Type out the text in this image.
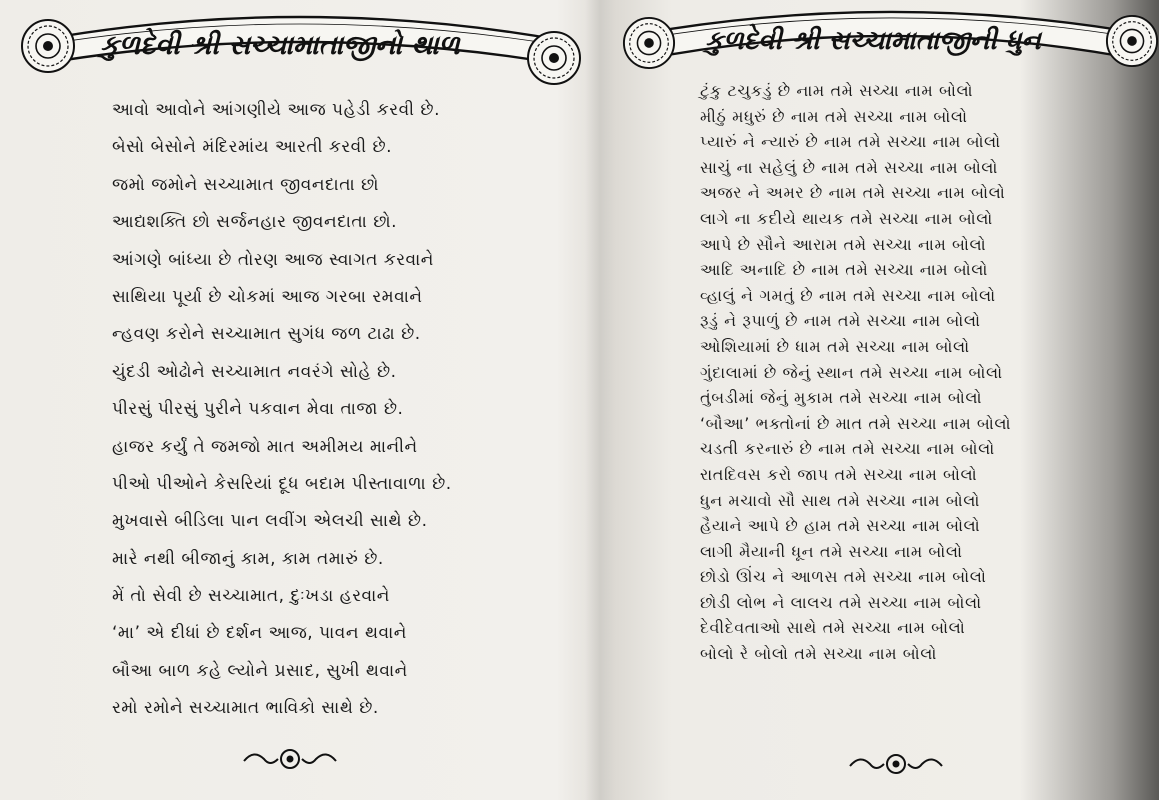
કુળદેવી શ્રી સચ્ચામાતાજીનો થાળ
આવો આવોને આંગણીયે આજ પહેડી કરવી છે.
બેસો બેસોને મંદિરમાંય આરતી કરવી છે.
જમો જમોને સચ્ચામાત જીવનદાતા છો
આદ્યશક્તિ છો સર્જનહાર જીવનદાતા છો.
આંગણે બાંધ્યા છે તોરણ આજ સ્વાગત કરવાને
સાથિયા પૂર્યા છે ચોકમાં આજ ગરબા રમવાને
ન્હવણ કરોને સચ્ચામાત સુગંધ જળ ટાઢા છે.
ચુંદડી ઓઢોને સચ્ચામાત નવરંગે સોહે છે.
પીરસું પીરસું પુરીને પકવાન મેવા તાજા છે.
હાજર કર્યું તે જમજો માત અમીમય માનીને
પીઓ પીઓને કેસરિયાં દૂધ બદામ પીસ્તાવાળા છે.
મુખવાસે બીડિલા પાન લવીંગ એલચી સાથે છે.
મારે નથી બીજાનું કામ, કામ તમારું છે.
મેં તો સેવી છે સચ્ચામાત, દુઃખડા હરવાને
‘મા’ એ દીધાં છે દર્શન આજ, પાવન થવાને
બૌઆ બાળ કહે લ્યોને પ્રસાદ, સુખી થવાને
રમો રમોને સચ્ચામાત ભાવિકો સાથે છે.
કુળદેવી શ્રી સચ્ચામાતાજીની ધુન
ટુંકુ ટચુકડું છે નામ તમે સચ્ચા નામ બોલો
મીઠું મધુરું છે નામ તમે સચ્ચા નામ બોલો
પ્યારું ને ન્યારું છે નામ તમે સચ્ચા નામ બોલો
સાચું ના સહેલું છે નામ તમે સચ્ચા નામ બોલો
અજર ને અમર છે નામ તમે સચ્ચા નામ બોલો
લાગે ના કદીયે થાયક તમે સચ્ચા નામ બોલો
આપે છે સૌને આરામ તમે સચ્ચા નામ બોલો
આદિ અનાદિ છે નામ તમે સચ્ચા નામ બોલો
વ્હાલું ને ગમતું છે નામ તમે સચ્ચા નામ બોલો
રૂડું ને રૂપાળું છે નામ તમે સચ્ચા નામ બોલો
ઓશિયામાં છે ધામ તમે સચ્ચા નામ બોલો
ગુંદાલામાં છે જેનું સ્થાન તમે સચ્ચા નામ બોલો
તુંબડીમાં જેનું મુકામ તમે સચ્ચા નામ બોલો
‘બૌઆ’ ભક્તોનાં છે માત તમે સચ્ચા નામ બોલો
ચડતી કરનારું છે નામ તમે સચ્ચા નામ બોલો
રાતદિવસ કરો જાપ તમે સચ્ચા નામ બોલો
ધુન મચાવો સૌ સાથ તમે સચ્ચા નામ બોલો
હૈયાને આપે છે હામ તમે સચ્ચા નામ બોલો
લાગી મૈયાની ધૂન તમે સચ્ચા નામ બોલો
છોડો ઊંચ ને આળસ તમે સચ્ચા નામ બોલો
છોડી લોભ ને લાલચ તમે સચ્ચા નામ બોલો
દેવીદેવતાઓ સાથે તમે સચ્ચા નામ બોલો
બોલો રે બોલો તમે સચ્ચા નામ બોલો
